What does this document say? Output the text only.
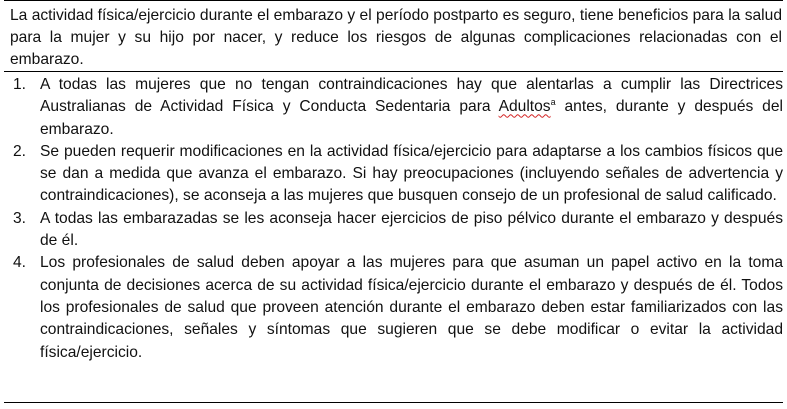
La actividad física/ejercicio durante el embarazo y el período postparto es seguro, tiene beneficios para la salud para la mujer y su hijo por nacer, y reduce los riesgos de algunas complicaciones relacionadas con el embarazo.

1. A todas las mujeres que no tengan contraindicaciones hay que alentarlas a cumplir las Directrices Australianas de Actividad Física y Conducta Sedentaria para Adultos$^a$ antes, durante y después del embarazo.
2. Se pueden requerir modificaciones en la actividad física/ejercicio para adaptarse a los cambios físicos que se dan a medida que avanza el embarazo. Si hay preocupaciones (incluyendo señales de advertencia y contraindicaciones), se aconseja a las mujeres que busquen consejo de un profesional de salud calificado.
3. A todas las embarazadas se les aconseja hacer ejercicios de piso pélvico durante el embarazo y después de él.
4. Los profesionales de salud deben apoyar a las mujeres para que asuman un papel activo en la toma conjunta de decisiones acerca de su actividad física/ejercicio durante el embarazo y después de él. Todos los profesionales de salud que proveen atención durante el embarazo deben estar familiarizados con las contraindicaciones, señales y síntomas que sugieren que se debe modificar o evitar la actividad física/ejercicio.
